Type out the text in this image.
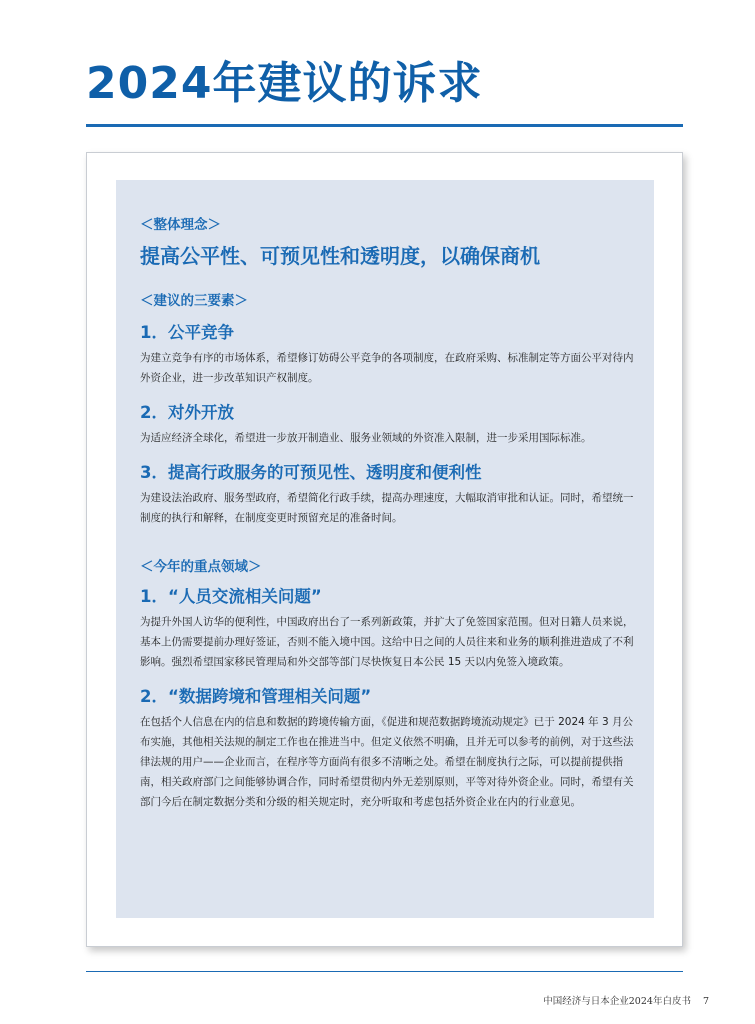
2024年建议的诉求
＜整体理念＞
提高公平性、可预见性和透明度，以确保商机
＜建议的三要素＞
1．公平竞争
为建立竞争有序的市场体系，希望修订妨碍公平竞争的各项制度，在政府采购、标准制定等方面公平对待内外资企业，进一步改革知识产权制度。
2．对外开放
为适应经济全球化，希望进一步放开制造业、服务业领域的外资准入限制，进一步采用国际标准。
3．提高行政服务的可预见性、透明度和便利性
为建设法治政府、服务型政府，希望简化行政手续，提高办理速度，大幅取消审批和认证。同时，希望统一制度的执行和解释，在制度变更时预留充足的准备时间。
＜今年的重点领域＞
1．“人员交流相关问题”
为提升外国人访华的便利性，中国政府出台了一系列新政策，并扩大了免签国家范围。但对日籍人员来说，基本上仍需要提前办理好签证，否则不能入境中国。这给中日之间的人员往来和业务的顺利推进造成了不利影响。强烈希望国家移民管理局和外交部等部门尽快恢复日本公民 15 天以内免签入境政策。
2．“数据跨境和管理相关问题”
在包括个人信息在内的信息和数据的跨境传输方面，《促进和规范数据跨境流动规定》已于 2024 年 3 月公布实施，其他相关法规的制定工作也在推进当中。但定义依然不明确，且并无可以参考的前例，对于这些法律法规的用户——企业而言，在程序等方面尚有很多不清晰之处。希望在制度执行之际，可以提前提供指南，相关政府部门之间能够协调合作，同时希望贯彻内外无差别原则，平等对待外资企业。同时，希望有关部门今后在制定数据分类和分级的相关规定时，充分听取和考虑包括外资企业在内的行业意见。
中国经济与日本企业2024年白皮书 7
